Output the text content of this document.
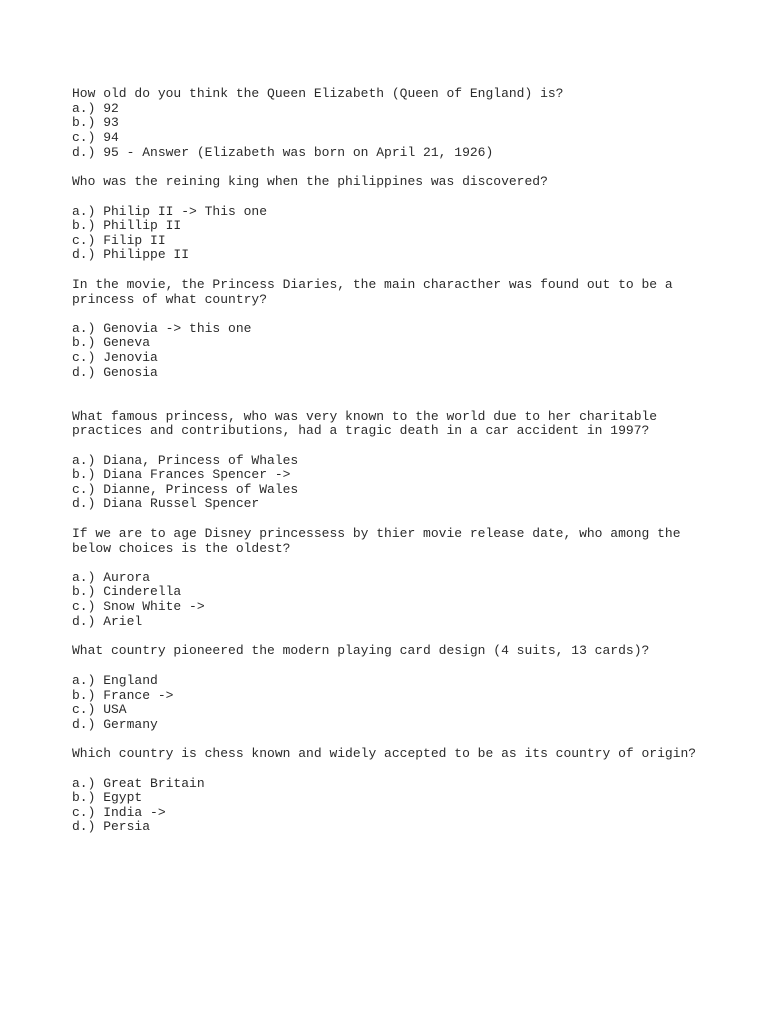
How old do you think the Queen Elizabeth (Queen of England) is?
a.) 92
b.) 93
c.) 94
d.) 95 - Answer (Elizabeth was born on April 21, 1926)
Who was the reining king when the philippines was discovered?
a.) Philip II -> This one
b.) Phillip II
c.) Filip II
d.) Philippe II
In the movie, the Princess Diaries, the main characther was found out to be a
princess of what country?
a.) Genovia -> this one
b.) Geneva
c.) Jenovia
d.) Genosia
What famous princess, who was very known to the world due to her charitable
practices and contributions, had a tragic death in a car accident in 1997?
a.) Diana, Princess of Whales
b.) Diana Frances Spencer ->
c.) Dianne, Princess of Wales
d.) Diana Russel Spencer
If we are to age Disney princessess by thier movie release date, who among the
below choices is the oldest?
a.) Aurora
b.) Cinderella
c.) Snow White ->
d.) Ariel
What country pioneered the modern playing card design (4 suits, 13 cards)?
a.) England
b.) France ->
c.) USA
d.) Germany
Which country is chess known and widely accepted to be as its country of origin?
a.) Great Britain
b.) Egypt
c.) India ->
d.) Persia
